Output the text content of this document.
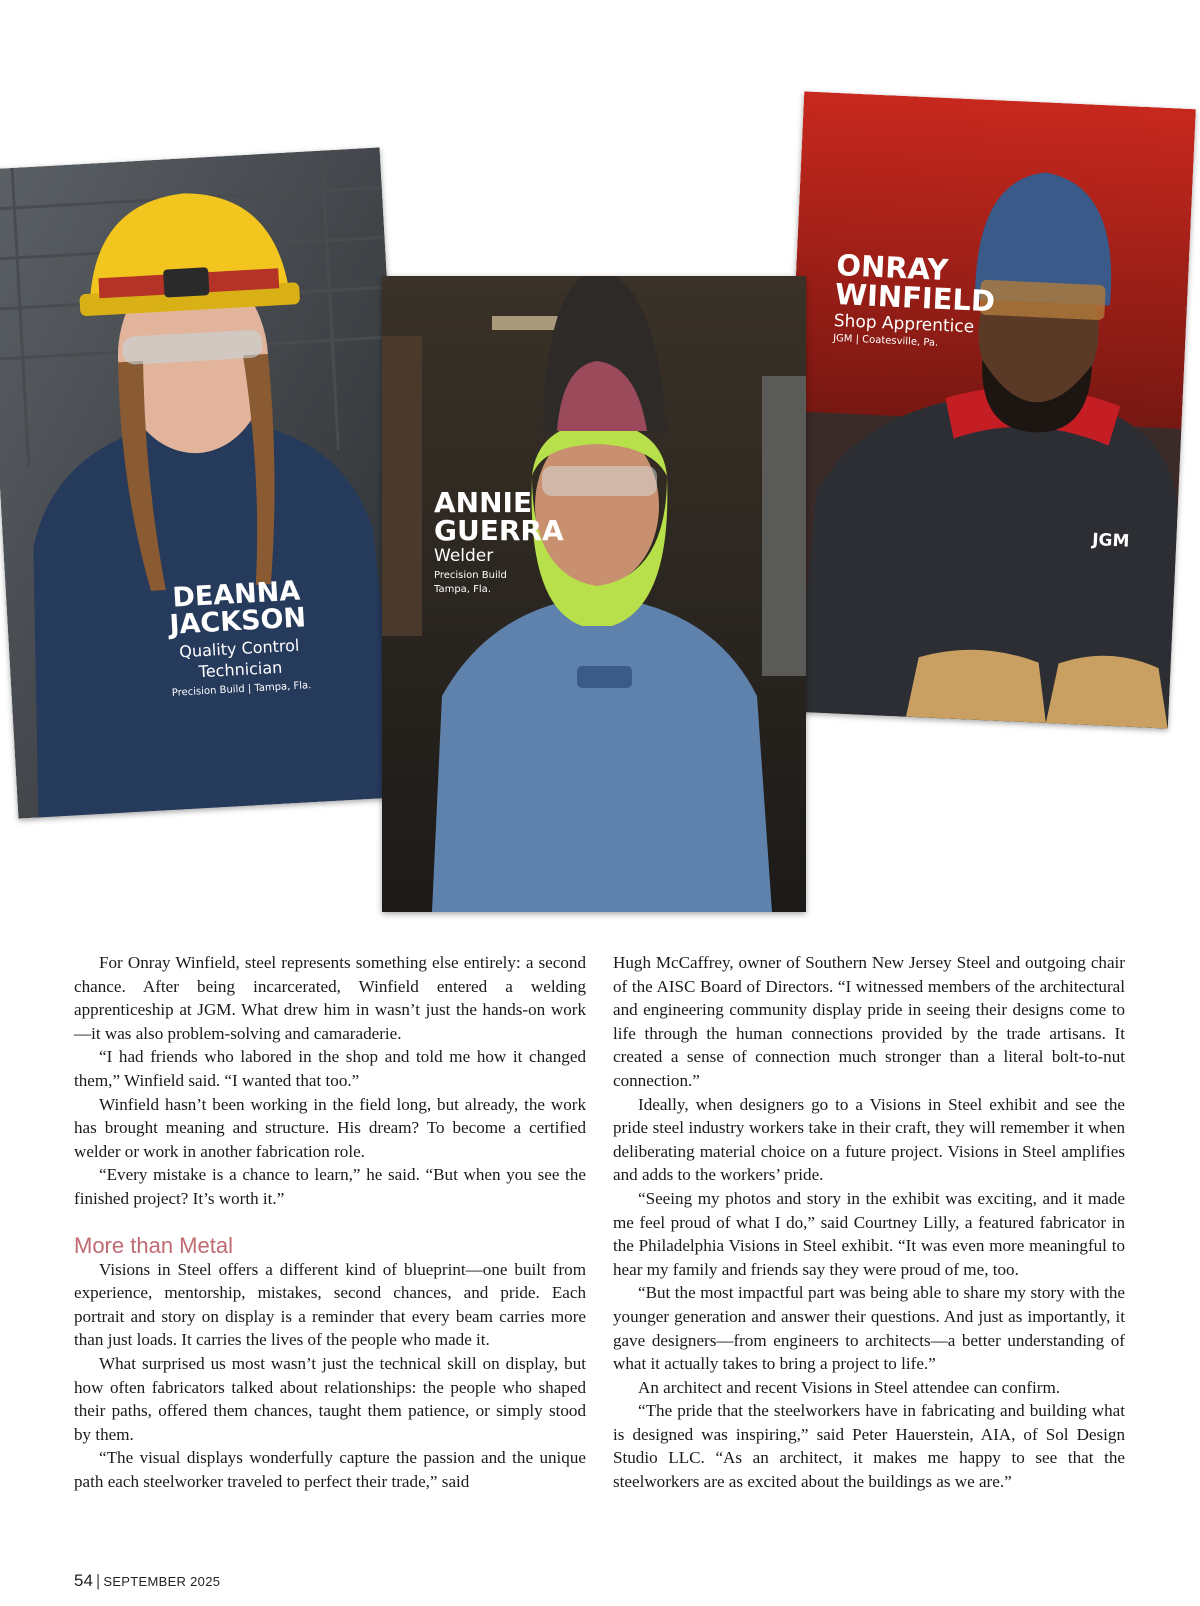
DEANNA
JACKSON
Quality Control
Technician
Precision Build | Tampa, Fla.
ONRAY
WINFIELD
Shop Apprentice
JGM | Coatesville, Pa.
JGM
ANNIE
GUERRA
Welder
Precision Build
Tampa, Fla.

For Onray Winfield, steel represents something else entirely: a second chance. After being incarcerated, Winfield entered a welding apprenticeship at JGM. What drew him in wasn’t just the hands-on work—it was also problem-solving and camaraderie.

“I had friends who labored in the shop and told me how it changed them,” Winfield said. “I wanted that too.”

Winfield hasn’t been working in the field long, but already, the work has brought meaning and structure. His dream? To become a certified welder or work in another fabrication role.

“Every mistake is a chance to learn,” he said. “But when you see the finished project? It’s worth it.”

More than Metal

Visions in Steel offers a different kind of blueprint—one built from experience, mentorship, mistakes, second chances, and pride. Each portrait and story on display is a reminder that every beam carries more than just loads. It carries the lives of the people who made it.

What surprised us most wasn’t just the technical skill on display, but how often fabricators talked about relationships: the people who shaped their paths, offered them chances, taught them patience, or simply stood by them.

“The visual displays wonderfully capture the passion and the unique path each steelworker traveled to perfect their trade,” said

Hugh McCaffrey, owner of Southern New Jersey Steel and outgoing chair of the AISC Board of Directors. “I witnessed members of the architectural and engineering community display pride in seeing their designs come to life through the human connections provided by the trade artisans. It created a sense of connection much stronger than a literal bolt-to-nut connection.”

Ideally, when designers go to a Visions in Steel exhibit and see the pride steel industry workers take in their craft, they will remember it when deliberating material choice on a future project. Visions in Steel amplifies and adds to the workers’ pride.

“Seeing my photos and story in the exhibit was exciting, and it made me feel proud of what I do,” said Courtney Lilly, a featured fabricator in the Philadelphia Visions in Steel exhibit. “It was even more meaningful to hear my family and friends say they were proud of me, too.

“But the most impactful part was being able to share my story with the younger generation and answer their questions. And just as importantly, it gave designers—from engineers to architects—a better understanding of what it actually takes to bring a project to life.”

An architect and recent Visions in Steel attendee can confirm.

“The pride that the steelworkers have in fabricating and building what is designed was inspiring,” said Peter Hauerstein, AIA, of Sol Design Studio LLC. “As an architect, it makes me happy to see that the steelworkers are as excited about the buildings as we are.”

54 | SEPTEMBER 2025
